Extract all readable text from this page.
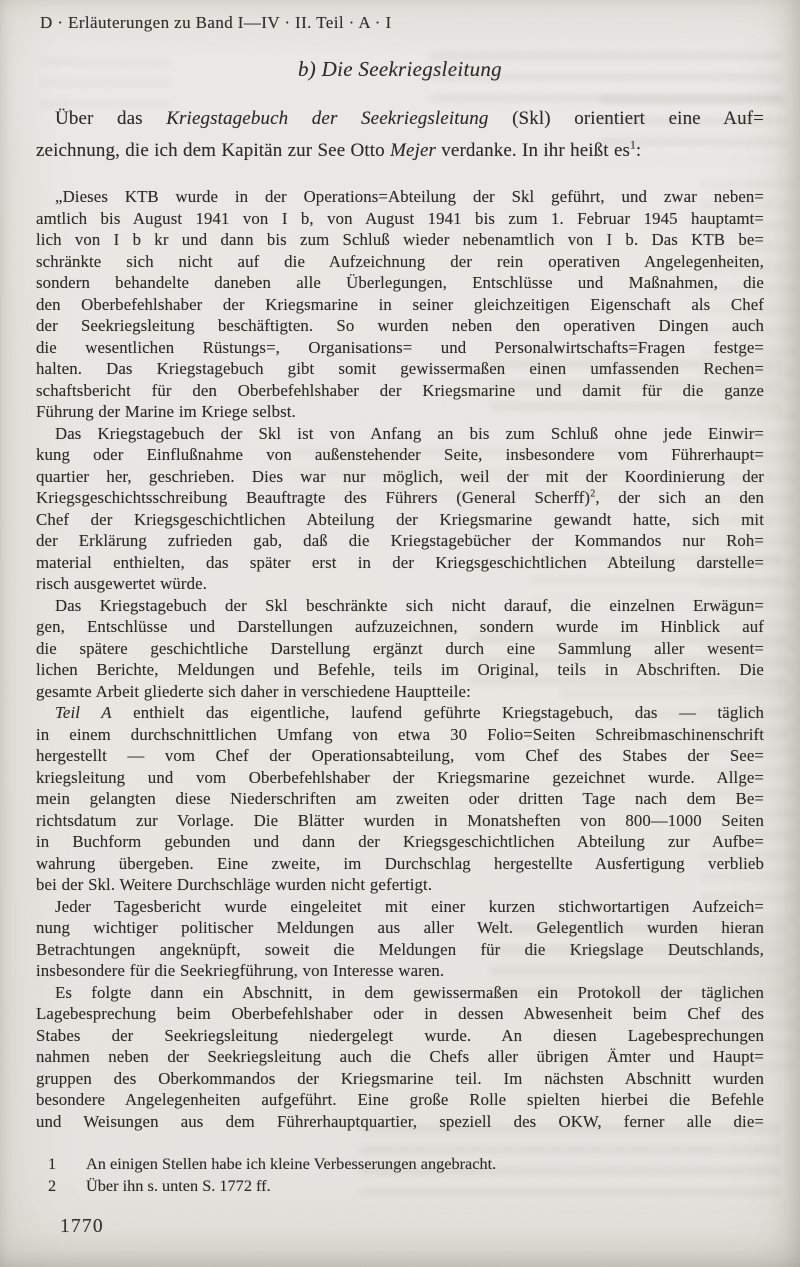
D · Erläuterungen zu Band I—IV · II. Teil · A · I
b) Die Seekriegsleitung
Über das Kriegstagebuch der Seekriegsleitung (Skl) orientiert eine Auf=
zeichnung, die ich dem Kapitän zur See Otto Mejer verdanke. In ihr heißt $es^1$:
„Dieses KTB wurde in der Operations=Abteilung der Skl geführt, und zwar neben=
amtlich bis August 1941 von I b, von August 1941 bis zum 1. Februar 1945 hauptamt=
lich von I b kr und dann bis zum Schluß wieder nebenamtlich von I b. Das KTB be=
schränkte sich nicht auf die Aufzeichnung der rein operativen Angelegenheiten,
sondern behandelte daneben alle Überlegungen, Entschlüsse und Maßnahmen, die
den Oberbefehlshaber der Kriegsmarine in seiner gleichzeitigen Eigenschaft als Chef
der Seekriegsleitung beschäftigten. So wurden neben den operativen Dingen auch
die wesentlichen Rüstungs=, Organisations= und Personalwirtschafts=Fragen festge=
halten. Das Kriegstagebuch gibt somit gewissermaßen einen umfassenden Rechen=
schaftsbericht für den Oberbefehlshaber der Kriegsmarine und damit für die ganze
Führung der Marine im Kriege selbst.
Das Kriegstagebuch der Skl ist von Anfang an bis zum Schluß ohne jede Einwir=
kung oder Einflußnahme von außenstehender Seite, insbesondere vom Führerhaupt=
quartier her, geschrieben. Dies war nur möglich, weil der mit der Koordinierung der
Kriegsgeschichtsschreibung Beauftragte des Führers (General Scherff)$^2$, der sich an den
Chef der Kriegsgeschichtlichen Abteilung der Kriegsmarine gewandt hatte, sich mit
der Erklärung zufrieden gab, daß die Kriegstagebücher der Kommandos nur Roh=
material enthielten, das später erst in der Kriegsgeschichtlichen Abteilung darstelle=
risch ausgewertet würde.
Das Kriegstagebuch der Skl beschränkte sich nicht darauf, die einzelnen Erwägun=
gen, Entschlüsse und Darstellungen aufzuzeichnen, sondern wurde im Hinblick auf
die spätere geschichtliche Darstellung ergänzt durch eine Sammlung aller wesent=
lichen Berichte, Meldungen und Befehle, teils im Original, teils in Abschriften. Die
gesamte Arbeit gliederte sich daher in verschiedene Hauptteile:
Teil A enthielt das eigentliche, laufend geführte Kriegstagebuch, das — täglich
in einem durchschnittlichen Umfang von etwa 30 Folio=Seiten Schreibmaschinenschrift
hergestellt — vom Chef der Operationsabteilung, vom Chef des Stabes der See=
kriegsleitung und vom Oberbefehlshaber der Kriegsmarine gezeichnet wurde. Allge=
mein gelangten diese Niederschriften am zweiten oder dritten Tage nach dem Be=
richtsdatum zur Vorlage. Die Blätter wurden in Monatsheften von 800—1000 Seiten
in Buchform gebunden und dann der Kriegsgeschichtlichen Abteilung zur Aufbe=
wahrung übergeben. Eine zweite, im Durchschlag hergestellte Ausfertigung verblieb
bei der Skl. Weitere Durchschläge wurden nicht gefertigt.
Jeder Tagesbericht wurde eingeleitet mit einer kurzen stichwortartigen Aufzeich=
nung wichtiger politischer Meldungen aus aller Welt. Gelegentlich wurden hieran
Betrachtungen angeknüpft, soweit die Meldungen für die Kriegslage Deutschlands,
insbesondere für die Seekriegführung, von Interesse waren.
Es folgte dann ein Abschnitt, in dem gewissermaßen ein Protokoll der täglichen
Lagebesprechung beim Oberbefehlshaber oder in dessen Abwesenheit beim Chef des
Stabes der Seekriegsleitung niedergelegt wurde. An diesen Lagebesprechungen
nahmen neben der Seekriegsleitung auch die Chefs aller übrigen Ämter und Haupt=
gruppen des Oberkommandos der Kriegsmarine teil. Im nächsten Abschnitt wurden
besondere Angelegenheiten aufgeführt. Eine große Rolle spielten hierbei die Befehle
und Weisungen aus dem Führerhauptquartier, speziell des OKW, ferner alle die=
1	An einigen Stellen habe ich kleine Verbesserungen angebracht.
2	Über ihn s. unten S. 1772 ff.
1770
